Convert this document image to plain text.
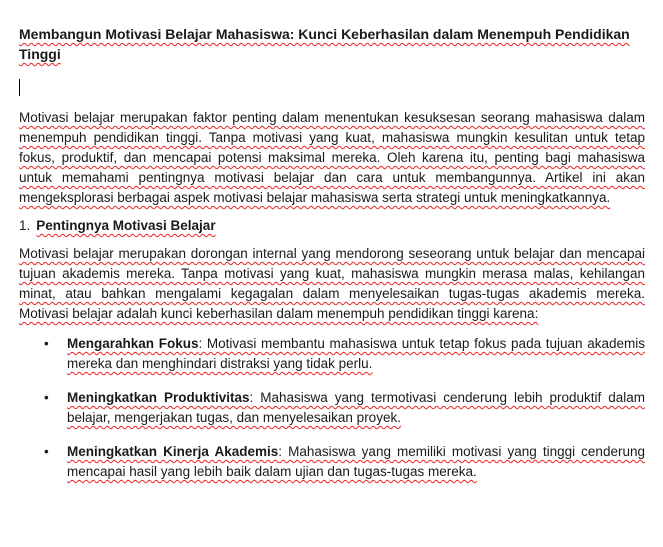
Membangun Motivasi Belajar Mahasiswa: Kunci Keberhasilan dalam Menempuh Pendidikan Tinggi

Motivasi belajar merupakan faktor penting dalam menentukan kesuksesan seorang mahasiswa dalam menempuh pendidikan tinggi. Tanpa motivasi yang kuat, mahasiswa mungkin kesulitan untuk tetap fokus, produktif, dan mencapai potensi maksimal mereka. Oleh karena itu, penting bagi mahasiswa untuk memahami pentingnya motivasi belajar dan cara untuk membangunnya. Artikel ini akan mengeksplorasi berbagai aspek motivasi belajar mahasiswa serta strategi untuk meningkatkannya.

1. Pentingnya Motivasi Belajar

Motivasi belajar merupakan dorongan internal yang mendorong seseorang untuk belajar dan mencapai tujuan akademis mereka. Tanpa motivasi yang kuat, mahasiswa mungkin merasa malas, kehilangan minat, atau bahkan mengalami kegagalan dalam menyelesaikan tugas-tugas akademis mereka. Motivasi belajar adalah kunci keberhasilan dalam menempuh pendidikan tinggi karena:

• Mengarahkan Fokus: Motivasi membantu mahasiswa untuk tetap fokus pada tujuan akademis mereka dan menghindari distraksi yang tidak perlu.
• Meningkatkan Produktivitas: Mahasiswa yang termotivasi cenderung lebih produktif dalam belajar, mengerjakan tugas, dan menyelesaikan proyek.
• Meningkatkan Kinerja Akademis: Mahasiswa yang memiliki motivasi yang tinggi cenderung mencapai hasil yang lebih baik dalam ujian dan tugas-tugas mereka.
